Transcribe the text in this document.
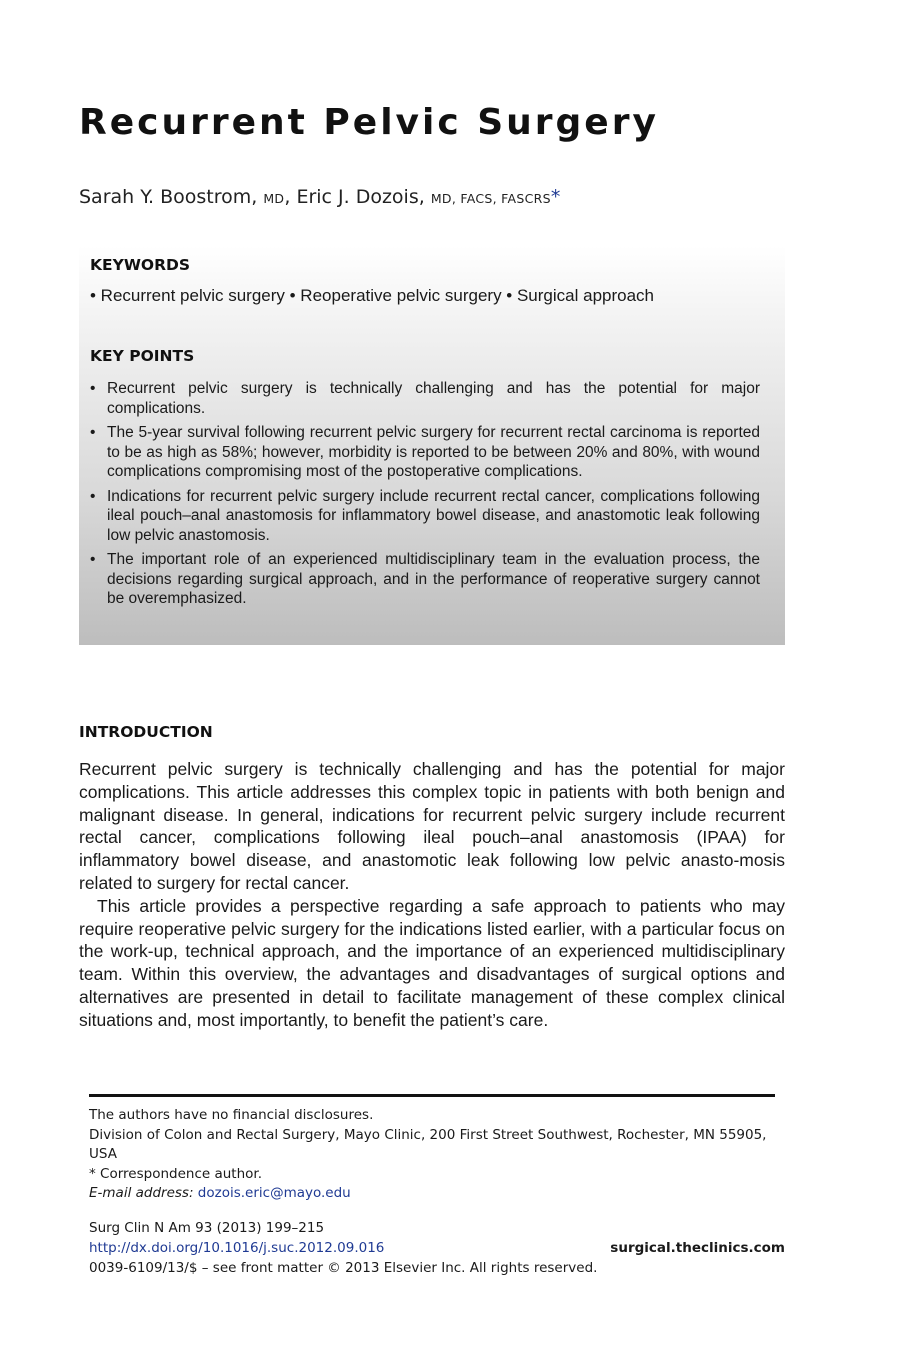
Recurrent Pelvic Surgery

Sarah Y. Boostrom, MD, Eric J. Dozois, MD, FACS, FASCRS*

KEYWORDS

• Recurrent pelvic surgery • Reoperative pelvic surgery • Surgical approach

KEY POINTS
• Recurrent pelvic surgery is technically challenging and has the potential for major complications.
• The 5-year survival following recurrent pelvic surgery for recurrent rectal carcinoma is reported to be as high as 58%; however, morbidity is reported to be between 20% and 80%, with wound complications compromising most of the postoperative complications.
• Indications for recurrent pelvic surgery include recurrent rectal cancer, complications following ileal pouch–anal anastomosis for inflammatory bowel disease, and anastomotic leak following low pelvic anastomosis.
• The important role of an experienced multidisciplinary team in the evaluation process, the decisions regarding surgical approach, and in the performance of reoperative surgery cannot be overemphasized.
INTRODUCTION

Recurrent pelvic surgery is technically challenging and has the potential for major complications. This article addresses this complex topic in patients with both benign and malignant disease. In general, indications for recurrent pelvic surgery include recurrent rectal cancer, complications following ileal pouch–anal anastomosis (IPAA) for inflammatory bowel disease, and anastomotic leak following low pelvic anasto-mosis related to surgery for rectal cancer.

This article provides a perspective regarding a safe approach to patients who may require reoperative pelvic surgery for the indications listed earlier, with a particular focus on the work-up, technical approach, and the importance of an experienced multidisciplinary team. Within this overview, the advantages and disadvantages of surgical options and alternatives are presented in detail to facilitate management of these complex clinical situations and, most importantly, to benefit the patient’s care.

The authors have no financial disclosures.

Division of Colon and Rectal Surgery, Mayo Clinic, 200 First Street Southwest, Rochester, MN 55905, USA

* Correspondence author.

E-mail address: dozois.eric@mayo.edu

Surg Clin N Am 93 (2013) 199–215

http://dx.doi.org/10.1016/j.suc.2012.09.016	surgical.theclinics.com

0039-6109/13/$ – see front matter © 2013 Elsevier Inc. All rights reserved.
